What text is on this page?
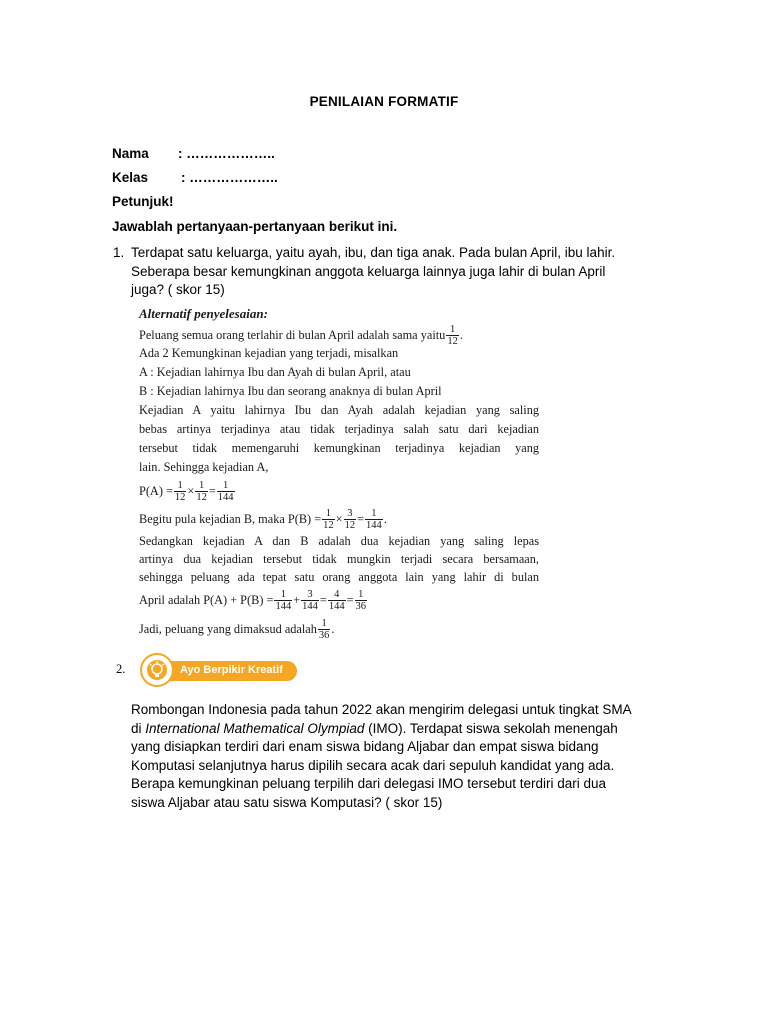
PENILAIAN FORMATIF
Nama : ………………..
Kelas : ………………..
Petunjuk!
Jawablah pertanyaan-pertanyaan berikut ini.
1. Terdapat satu keluarga, yaitu ayah, ibu, dan tiga anak. Pada bulan April, ibu lahir.
Seberapa besar kemungkinan anggota keluarga lainnya juga lahir di bulan April
juga? ( skor 15)
Alternatif penyelesaian:
Peluang semua orang terlahir di bulan April adalah sama yaitu $\frac{1}{12}$ .
Ada 2 Kemungkinan kejadian yang terjadi, misalkan
A : Kejadian lahirnya Ibu dan Ayah di bulan April, atau
B : Kejadian lahirnya Ibu dan seorang anaknya di bulan April
Kejadian A yaitu lahirnya Ibu dan Ayah adalah kejadian yang saling
bebas artinya terjadinya atau tidak terjadinya salah satu dari kejadian
tersebut tidak memengaruhi kemungkinan terjadinya kejadian yang
lain. Sehingga kejadian A,
$P(A) = \frac{1}{12} \times \frac{1}{12} = \frac{1}{144}$
Begitu pula kejadian B, maka $P(B) = \frac{1}{12} \times \frac{3}{12} = \frac{1}{144}$ .
Sedangkan kejadian A dan B adalah dua kejadian yang saling lepas
artinya dua kejadian tersebut tidak mungkin terjadi secara bersamaan,
sehingga peluang ada tepat satu orang anggota lain yang lahir di bulan
April adalah $P(A) + P(B) = \frac{1}{144} + \frac{3}{144} = \frac{4}{144} = \frac{1}{36}$
Jadi, peluang yang dimaksud adalah $\frac{1}{36}$ .
2.	Ayo Berpikir Kreatif
Rombongan Indonesia pada tahun 2022 akan mengirim delegasi untuk tingkat SMA
di International Mathematical Olympiad (IMO). Terdapat siswa sekolah menengah
yang disiapkan terdiri dari enam siswa bidang Aljabar dan empat siswa bidang
Komputasi selanjutnya harus dipilih secara acak dari sepuluh kandidat yang ada.
Berapa kemungkinan peluang terpilih dari delegasi IMO tersebut terdiri dari dua
siswa Aljabar atau satu siswa Komputasi? ( skor 15)
